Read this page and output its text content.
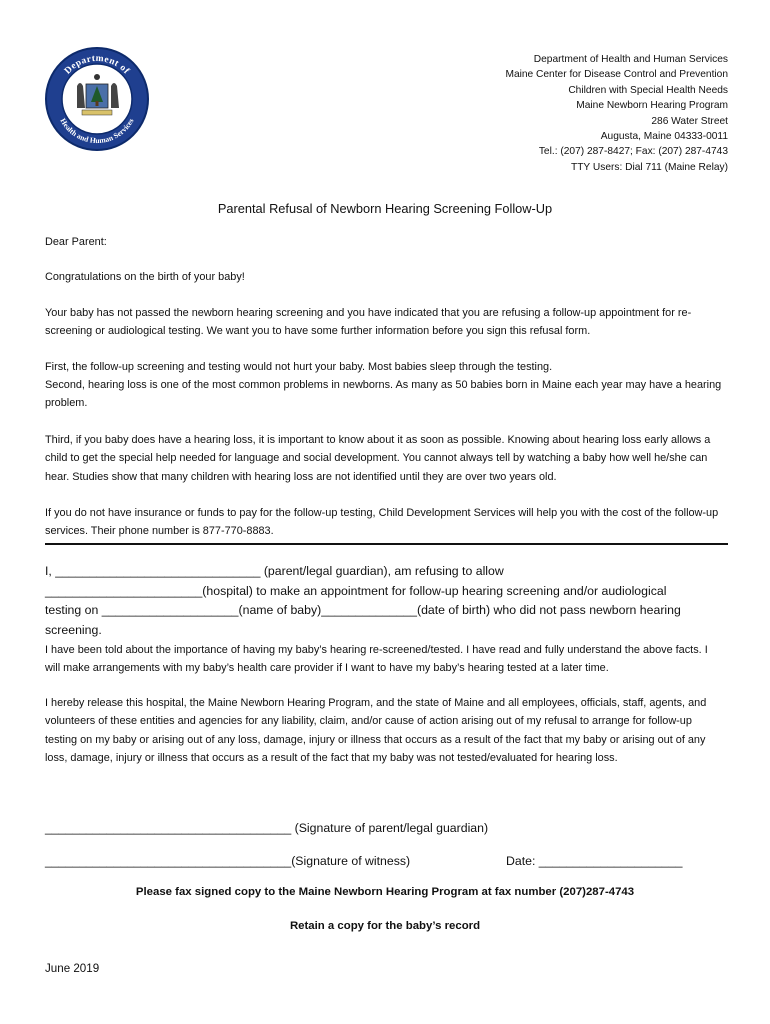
Department of
Health and Human Services
Department of Health and Human Services
Maine Center for Disease Control and Prevention
Children with Special Health Needs
Maine Newborn Hearing Program
286 Water Street
Augusta, Maine 04333-0011
Tel.: (207) 287-8427; Fax: (207) 287-4743
TTY Users: Dial 711 (Maine Relay)
Parental Refusal of Newborn Hearing Screening Follow-Up
Dear Parent:
Congratulations on the birth of your baby!
Your baby has not passed the newborn hearing screening and you have indicated that you are refusing a follow-up appointment for re-screening or audiological testing. We want you to have some further information before you sign this refusal form.
First, the follow-up screening and testing would not hurt your baby. Most babies sleep through the testing.
Second, hearing loss is one of the most common problems in newborns. As many as 50 babies born in Maine each year may have a hearing problem.
Third, if you baby does have a hearing loss, it is important to know about it as soon as possible. Knowing about hearing loss early allows a child to get the special help needed for language and social development. You cannot always tell by watching a baby how well he/she can hear. Studies show that many children with hearing loss are not identified until they are over two years old.
If you do not have insurance or funds to pay for the follow-up testing, Child Development Services will help you with the cost of the follow-up services. Their phone number is 877-770-8883.
I, ______________________________ (parent/legal guardian), am refusing to allow
_______________________(hospital) to make an appointment for follow-up hearing screening and/or audiological
testing on ____________________(name of baby)______________(date of birth) who did not pass newborn hearing
screening.
I have been told about the importance of having my baby’s hearing re-screened/tested. I have read and fully understand the above facts. I will make arrangements with my baby’s health care provider if I want to have my baby’s hearing tested at a later time.
I hereby release this hospital, the Maine Newborn Hearing Program, and the state of Maine and all employees, officials, staff, agents, and volunteers of these entities and agencies for any liability, claim, and/or cause of action arising out of my refusal to arrange for follow-up testing on my baby or arising out of any loss, damage, injury or illness that occurs as a result of the fact that my baby or arising out of any loss, damage, injury or illness that occurs as a result of the fact that my baby was not tested/evaluated for hearing loss.
____________________________________ (Signature of parent/legal guardian)
____________________________________(Signature of witness)	Date: _____________________
Please fax signed copy to the Maine Newborn Hearing Program at fax number (207)287-4743
Retain a copy for the baby’s record
June 2019
